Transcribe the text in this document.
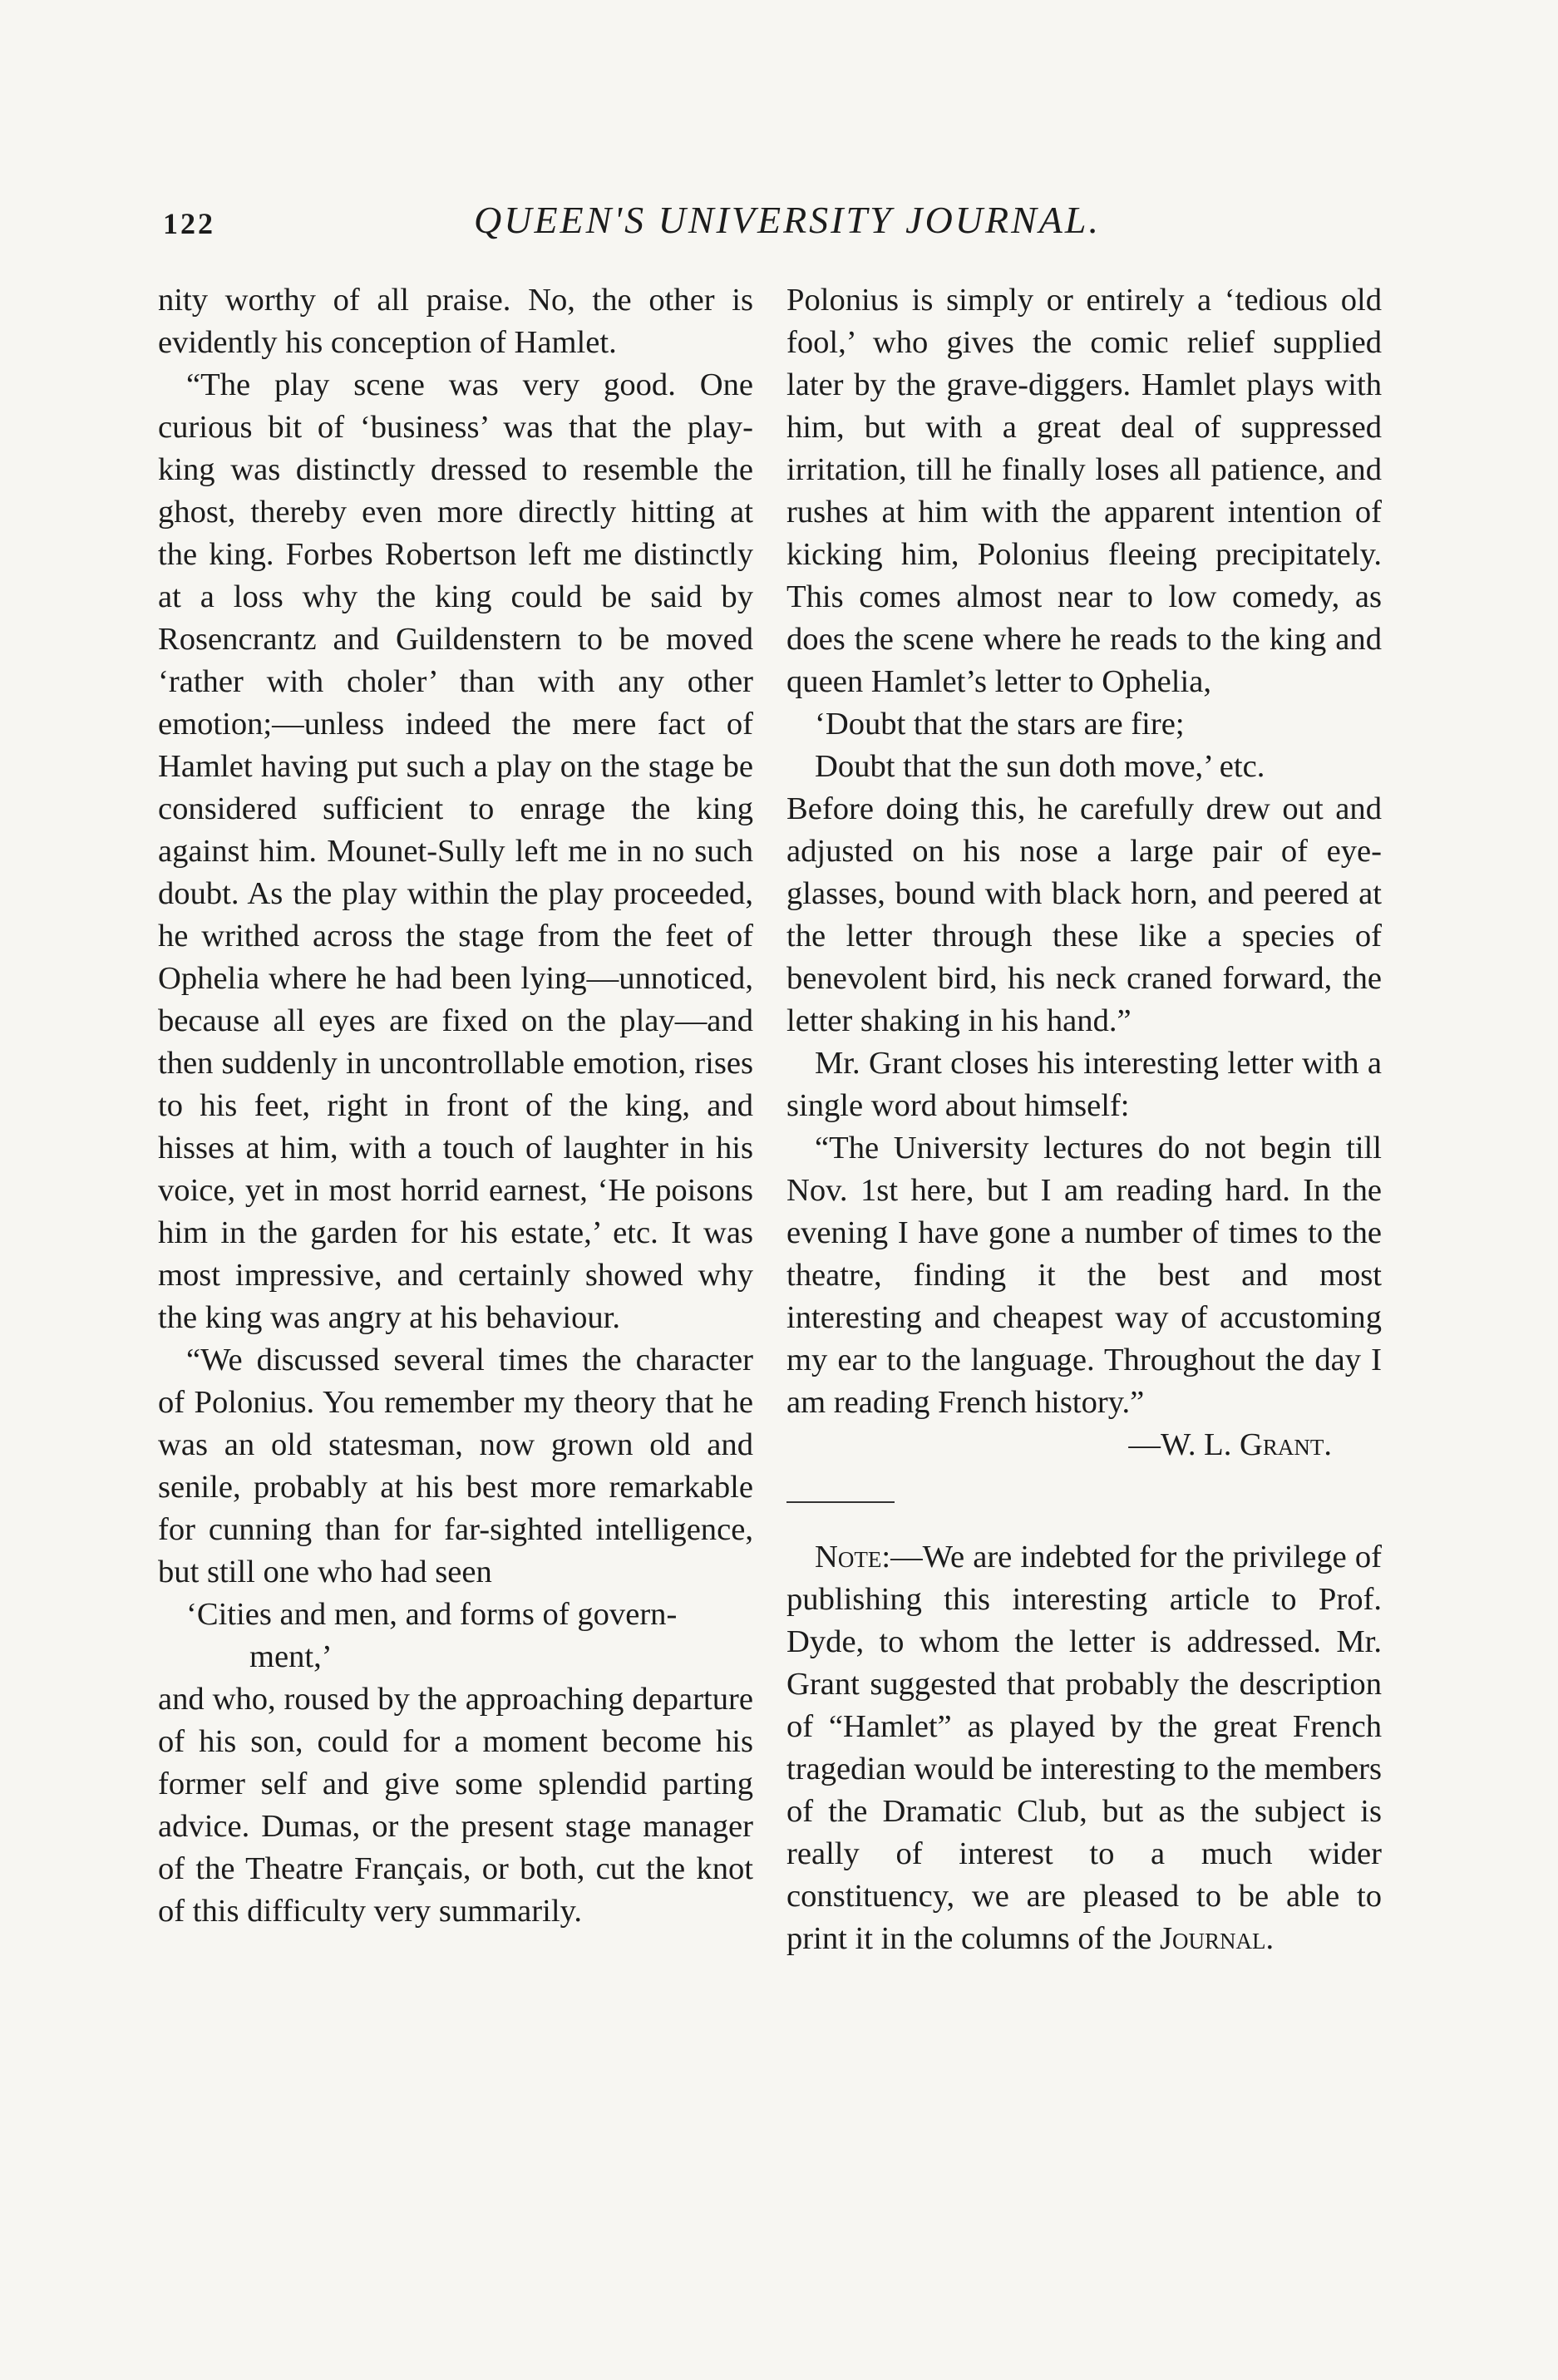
122	QUEEN'S UNIVERSITY JOURNAL.

nity worthy of all praise. No, the other is evidently his conception of Hamlet.

“The play scene was very good. One curious bit of ‘business’ was that the play-king was distinctly dressed to resemble the ghost, thereby even more directly hitting at the king. Forbes Robertson left me distinctly at a loss why the king could be said by Rosencrantz and Guildenstern to be moved ‘rather with choler’ than with any other emotion;—unless indeed the mere fact of Hamlet having put such a play on the stage be considered sufficient to enrage the king against him. Mounet-Sully left me in no such doubt. As the play within the play proceeded, he writhed across the stage from the feet of Ophelia where he had been lying—unnoticed, because all eyes are fixed on the play—and then suddenly in uncontrollable emotion, rises to his feet, right in front of the king, and hisses at him, with a touch of laughter in his voice, yet in most horrid earnest, ‘He poisons him in the garden for his estate,’ etc. It was most impressive, and certainly showed why the king was angry at his behaviour.

“We discussed several times the character of Polonius. You remember my theory that he was an old statesman, now grown old and senile, probably at his best more remarkable for cunning than for far-sighted intelligence, but still one who had seen

‘Cities and men, and forms of govern-

ment,’

and who, roused by the approaching departure of his son, could for a moment become his former self and give some splendid parting advice. Dumas, or the present stage manager of the Theatre Français, or both, cut the knot of this difficulty very summarily.

Polonius is simply or entirely a ‘tedious old fool,’ who gives the comic relief supplied later by the grave-diggers. Hamlet plays with him, but with a great deal of suppressed irritation, till he finally loses all patience, and rushes at him with the apparent intention of kicking him, Polonius fleeing precipitately. This comes almost near to low comedy, as does the scene where he reads to the king and queen Hamlet’s letter to Ophelia,

‘Doubt that the stars are fire;

Doubt that the sun doth move,’ etc.

Before doing this, he carefully drew out and adjusted on his nose a large pair of eye-glasses, bound with black horn, and peered at the letter through these like a species of benevolent bird, his neck craned forward, the letter shaking in his hand.”

Mr. Grant closes his interesting letter with a single word about himself:

“The University lectures do not begin till Nov. 1st here, but I am reading hard. In the evening I have gone a number of times to the theatre, finding it the best and most interesting and cheapest way of accustoming my ear to the language. Throughout the day I am reading French history.”

—W. L. Grant.

Note:—We are indebted for the privilege of publishing this interesting article to Prof. Dyde, to whom the letter is addressed. Mr. Grant suggested that probably the description of “Hamlet” as played by the great French tragedian would be interesting to the members of the Dramatic Club, but as the subject is really of interest to a much wider constituency, we are pleased to be able to print it in the columns of the Journal.
